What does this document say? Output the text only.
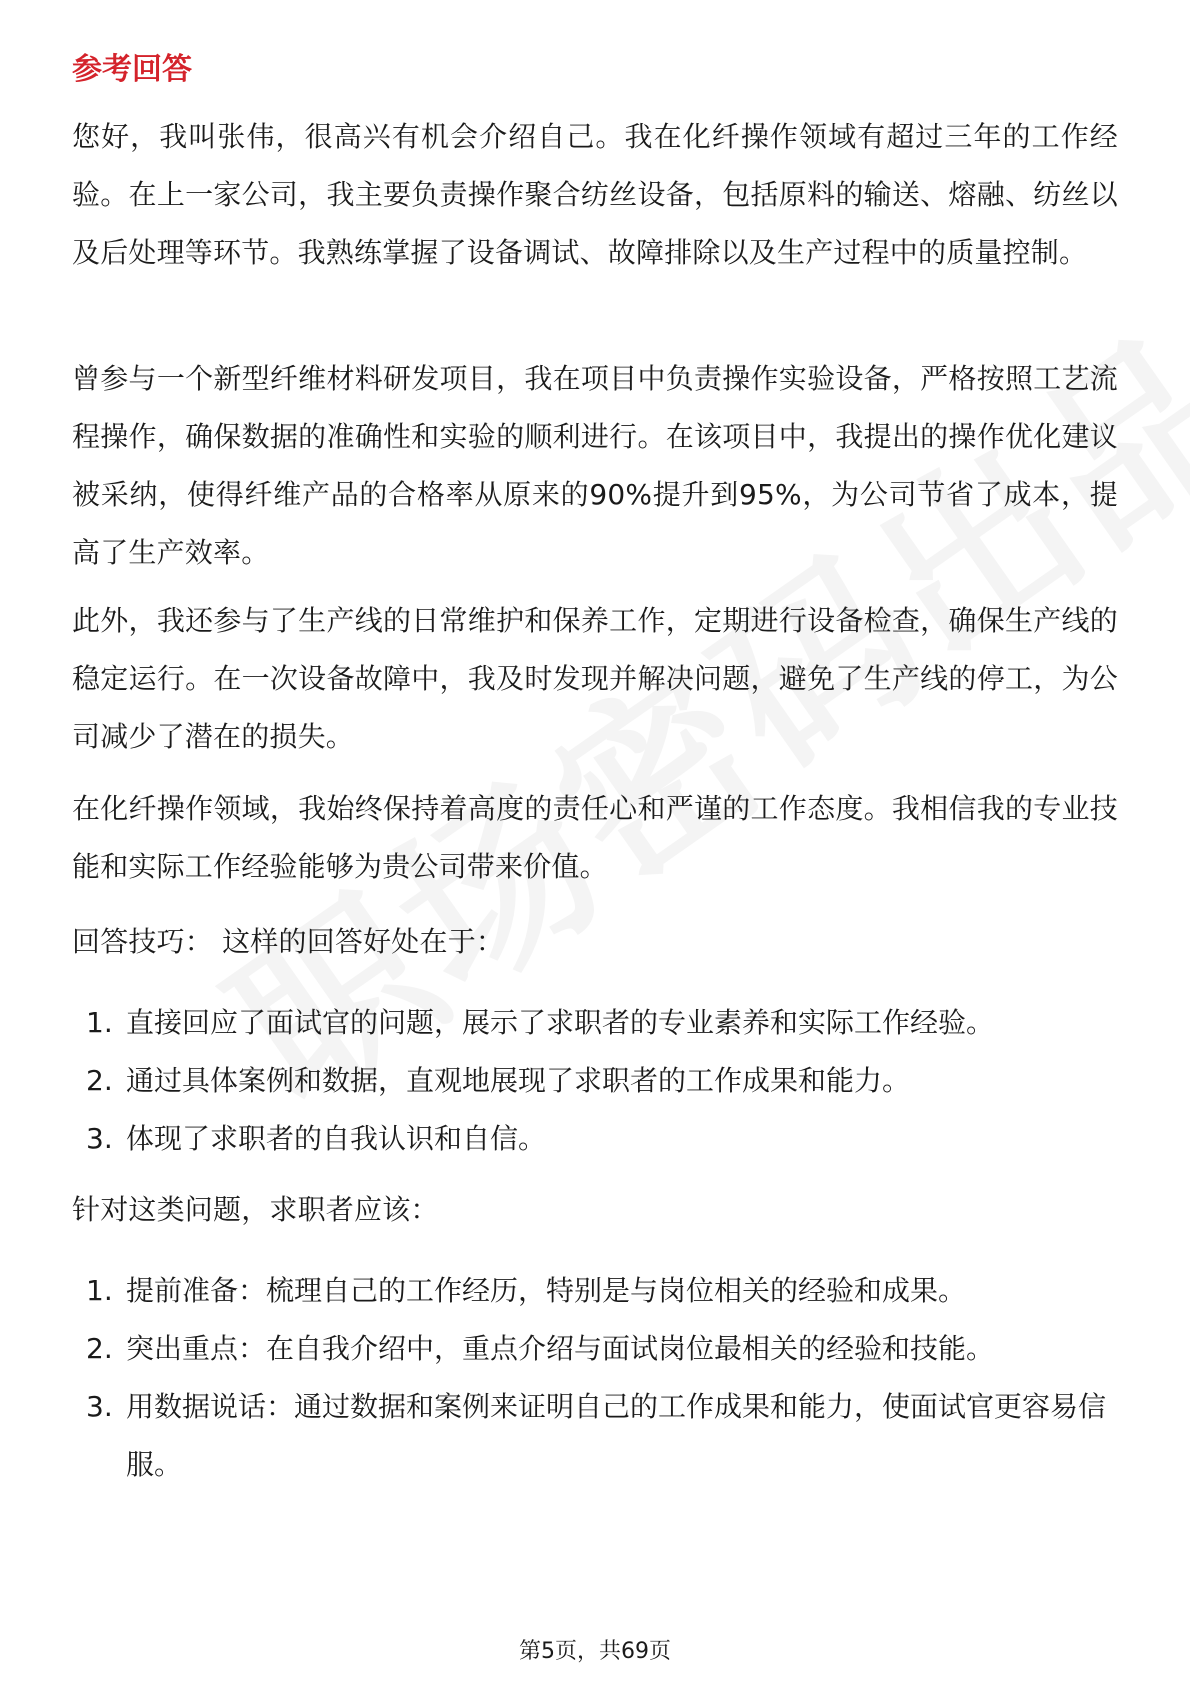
参考回答
您好，我叫张伟，很高兴有机会介绍自己。我在化纤操作领域有超过三年的工作经验。在上一家公司，我主要负责操作聚合纺丝设备，包括原料的输送、熔融、纺丝以及后处理等环节。我熟练掌握了设备调试、故障排除以及生产过程中的质量控制。
曾参与一个新型纤维材料研发项目，我在项目中负责操作实验设备，严格按照工艺流程操作，确保数据的准确性和实验的顺利进行。在该项目中，我提出的操作优化建议被采纳，使得纤维产品的合格率从原来的90%提升到95%，为公司节省了成本，提高了生产效率。
此外，我还参与了生产线的日常维护和保养工作，定期进行设备检查，确保生产线的稳定运行。在一次设备故障中，我及时发现并解决问题，避免了生产线的停工，为公司减少了潜在的损失。
在化纤操作领域，我始终保持着高度的责任心和严谨的工作态度。我相信我的专业技能和实际工作经验能够为贵公司带来价值。
回答技巧： 这样的回答好处在于：
1. 直接回应了面试官的问题，展示了求职者的专业素养和实际工作经验。
2. 通过具体案例和数据，直观地展现了求职者的工作成果和能力。
3. 体现了求职者的自我认识和自信。
针对这类问题，求职者应该：
1. 提前准备：梳理自己的工作经历，特别是与岗位相关的经验和成果。
2. 突出重点：在自我介绍中，重点介绍与面试岗位最相关的经验和技能。
3. 用数据说话：通过数据和案例来证明自己的工作成果和能力，使面试官更容易信服。
第5页，共69页
